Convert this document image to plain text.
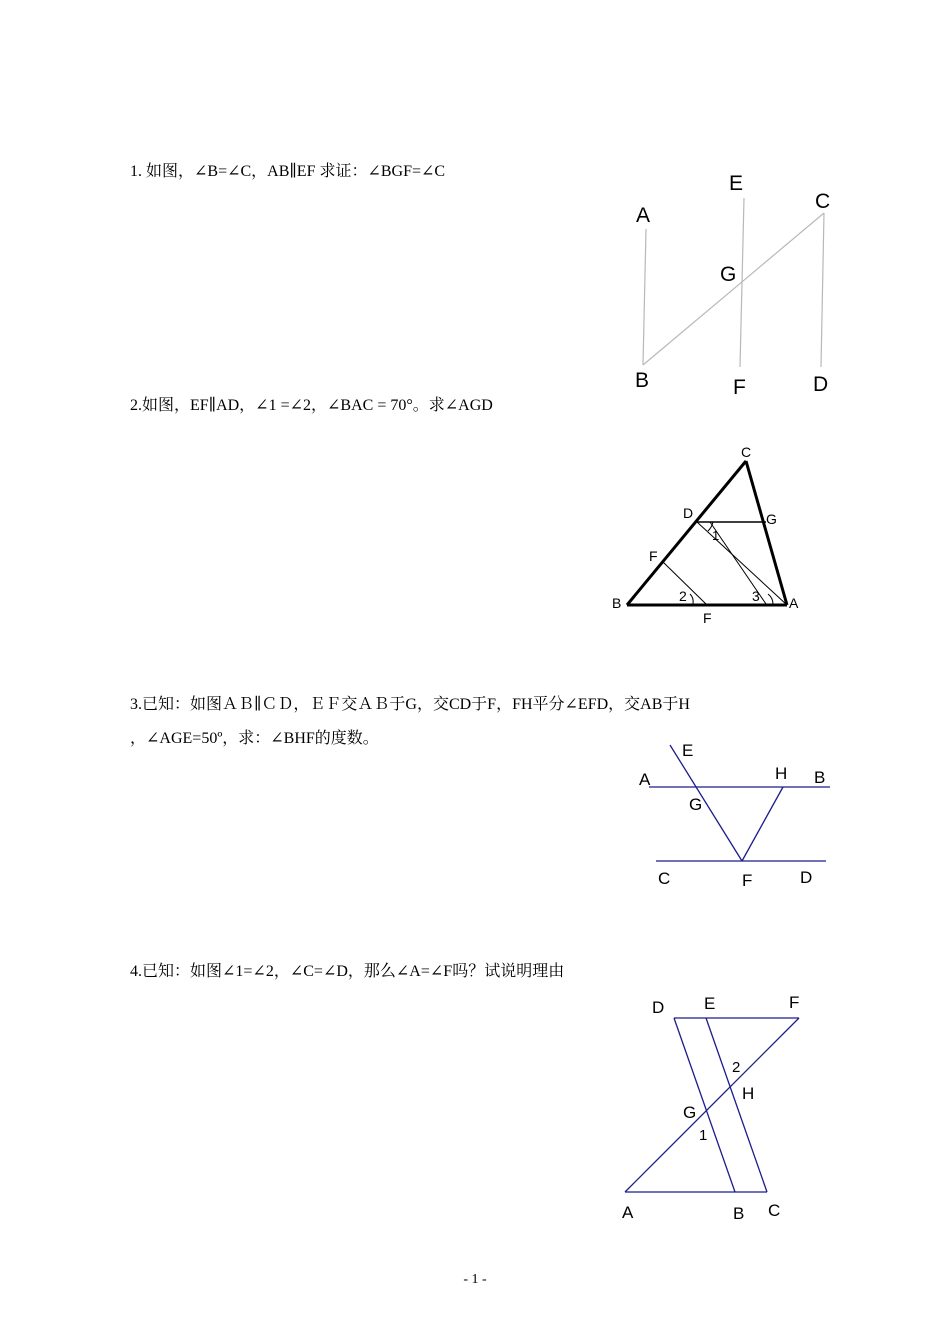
1. 如图，∠B=∠C，AB∥EF 求证：∠BGF=∠C
2.如图，EF∥AD，∠1 =∠2，∠BAC = 70°。求∠AGD
3.已知：如图ＡＢ∥ＣＤ，ＥＦ交ＡＢ于G，交CD于F，FH平分∠EFD，交AB于H
，∠AGE=50º，求：∠BHF的度数。
4.已知：如图∠1=∠2，∠C=∠D，那么∠A=∠F吗？试说明理由
A
B
C
D
E
F
G
C
D	G
F
B
F
A
1
2	3
E
A	H B
G
C	F	D
D E	F
2
H
G
1
A	B C
- 1 -
